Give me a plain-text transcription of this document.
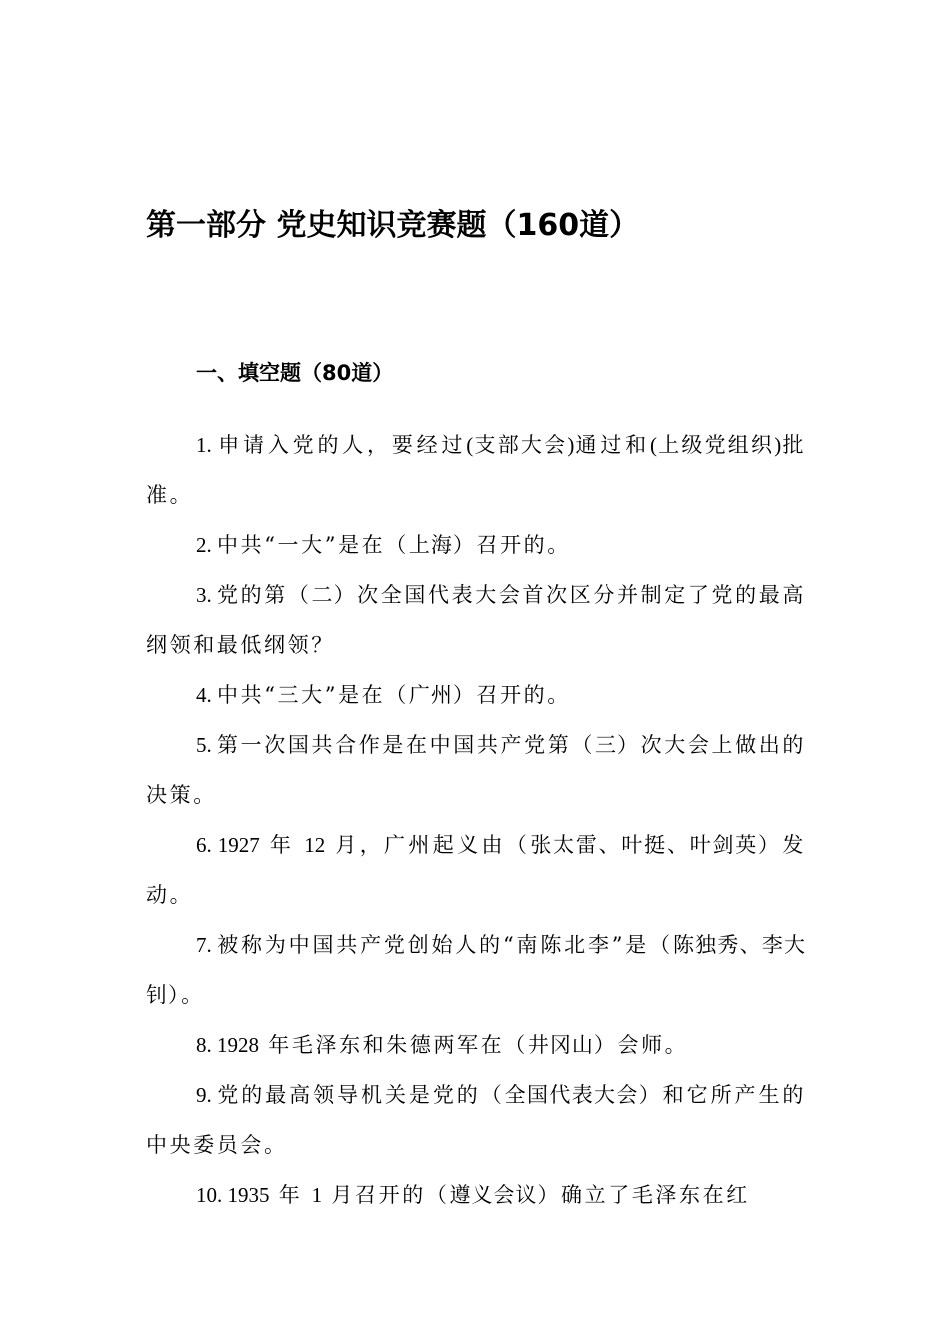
第一部分 党史知识竞赛题（160道）
一、填空题（80道）

1. 申请入党的人，要经过(支部大会)通过和(上级党组织)批准。

2. 中共“一大”是在（上海）召开的。

3. 党的第（二）次全国代表大会首次区分并制定了党的最高纲领和最低纲领？

4. 中共“三大”是在（广州）召开的。

5. 第一次国共合作是在中国共产党第（三）次大会上做出的决策。

6. 1927 年 12 月，广州起义由（张太雷、叶挺、叶剑英）发动。

7. 被称为中国共产党创始人的“南陈北李”是（陈独秀、李大钊）。

8. 1928 年毛泽东和朱德两军在（井冈山）会师。

9. 党的最高领导机关是党的（全国代表大会）和它所产生的中央委员会。

10. 1935 年 1 月召开的（遵义会议）确立了毛泽东在红
